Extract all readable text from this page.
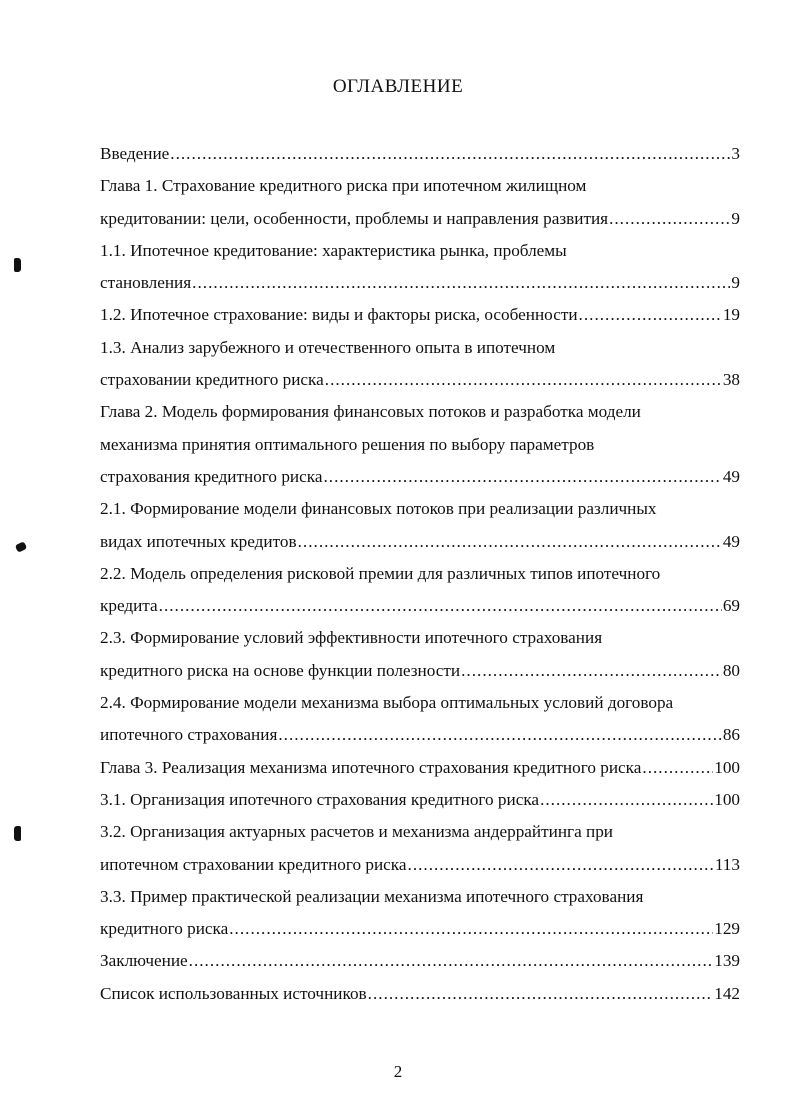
ОГЛАВЛЕНИЕ
Введение .....	3
Глава 1. Страхование кредитного риска при ипотечном жилищном
кредитовании: цели, особенности, проблемы и направления развития .....	9
1.1. Ипотечное кредитование: характеристика рынка, проблемы
становления .....	9
1.2. Ипотечное страхование: виды и факторы риска, особенности .....	19
1.3. Анализ зарубежного и отечественного опыта в ипотечном
страховании кредитного риска .....	38
Глава 2. Модель формирования финансовых потоков и разработка модели
механизма принятия оптимального решения по выбору параметров
страхования кредитного риска .....	49
2.1. Формирование модели финансовых потоков при реализации различных
видах ипотечных кредитов .....	49
2.2. Модель определения рисковой премии для различных типов ипотечного
кредита .....	69
2.3. Формирование условий эффективности ипотечного страхования
кредитного риска на основе функции полезности .....	80
2.4. Формирование модели механизма выбора оптимальных условий договора
ипотечного страхования .....	86
Глава 3. Реализация механизма ипотечного страхования кредитного риска .....	100
3.1. Организация ипотечного страхования кредитного риска .....	100
3.2. Организация актуарных расчетов и механизма андеррайтинга при
ипотечном страховании кредитного риска .....	113
3.3. Пример практической реализации механизма ипотечного страхования
кредитного риска .....	129
Заключение .....	139
Список использованных источников .....	142
2
